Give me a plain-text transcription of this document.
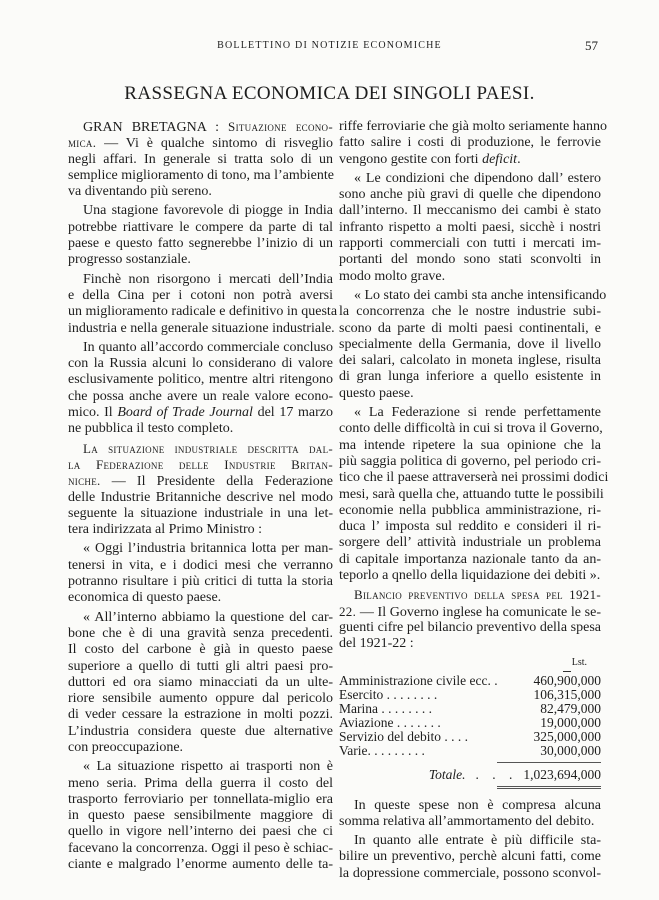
BOLLETTINO DI NOTIZIE ECONOMICHE	57
RASSEGNA ECONOMICA DEI SINGOLI PAESI.
GRAN BRETAGNA : Situazione econo-
mica. — Vi è qualche sintomo di risveglio
negli affari. In generale si tratta solo di un
semplice miglioramento di tono, ma l’ambiente
va diventando più sereno.
Una stagione favorevole di piogge in India
potrebbe riattivare le compere da parte di tal
paese e questo fatto segnerebbe l’inizio di un
progresso sostanziale.
Finchè non risorgono i mercati dell’India
e della Cina per i cotoni non potrà aversi
un miglioramento radicale e definitivo in questa
industria e nella generale situazione industriale.
In quanto all’accordo commerciale concluso
con la Russia alcuni lo considerano di valore
esclusivamente politico, mentre altri ritengono
che possa anche avere un reale valore econo-
mico. Il Board of Trade Journal del 17 marzo
ne pubblica il testo completo.
La situazione industriale descritta dal-
la Federazione delle Industrie Britan-
niche. — Il Presidente della Federazione
delle Industrie Britanniche descrive nel modo
seguente la situazione industriale in una let-
tera indirizzata al Primo Ministro :
« Oggi l’industria britannica lotta per man-
tenersi in vita, e i dodici mesi che verranno
potranno risultare i più critici di tutta la storia
economica di questo paese.
« All’interno abbiamo la questione del car-
bone che è di una gravità senza precedenti.
Il costo del carbone è già in questo paese
superiore a quello di tutti gli altri paesi pro-
duttori ed ora siamo minacciati da un ulte-
riore sensibile aumento oppure dal pericolo
di veder cessare la estrazione in molti pozzi.
L’industria considera queste due alternative
con preoccupazione.
« La situazione rispetto ai trasporti non è
meno seria. Prima della guerra il costo del
trasporto ferroviario per tonnellata-miglio era
in questo paese sensibilmente maggiore di
quello in vigore nell’interno dei paesi che ci
facevano la concorrenza. Oggi il peso è schiac-
ciante e malgrado l’enorme aumento delle ta-
riffe ferroviarie che già molto seriamente hanno
fatto salire i costi di produzione, le ferrovie
vengono gestite con forti deficit.
« Le condizioni che dipendono dall’ estero
sono anche più gravi di quelle che dipendono
dall’interno. Il meccanismo dei cambi è stato
infranto rispetto a molti paesi, sicchè i nostri
rapporti commerciali con tutti i mercati im-
portanti del mondo sono stati sconvolti in
modo molto grave.
« Lo stato dei cambi sta anche intensificando
la concorrenza che le nostre industrie subi-
scono da parte di molti paesi continentali, e
specialmente della Germania, dove il livello
dei salari, calcolato in moneta inglese, risulta
di gran lunga inferiore a quello esistente in
questo paese.
« La Federazione si rende perfettamente
conto delle difficoltà in cui si trova il Governo,
ma intende ripetere la sua opinione che la
più saggia politica di governo, pel periodo cri-
tico che il paese attraverserà nei prossimi dodici
mesi, sarà quella che, attuando tutte le possibili
economie nella pubblica amministrazione, ri-
duca l’ imposta sul reddito e consideri il ri-
sorgere dell’ attività industriale un problema
di capitale importanza nazionale tanto da an-
teporlo a qnello della liquidazione dei debiti ».
Bilancio preventivo della spesa pel 1921-
22. — Il Governo inglese ha comunicate le se-
guenti cifre pel bilancio preventivo della spesa
del 1921-22 :
Lst.
Amministrazione civile ecc. .	460,900,000
Esercito . . . . . . . .	106,315,000
Marina . . . . . . . .	82,479,000
Aviazione . . . . . . .	19,000,000
Servizio del debito . . . .	325,000,000
Varie. . . . . . . . .	30,000,000
Totale. . . . 1,023,694,000
In queste spese non è compresa alcuna
somma relativa all’ammortamento del debito.
In quanto alle entrate è più difficile sta-
bilire un preventivo, perchè alcuni fatti, come
la dopressione commerciale, possono sconvol-
